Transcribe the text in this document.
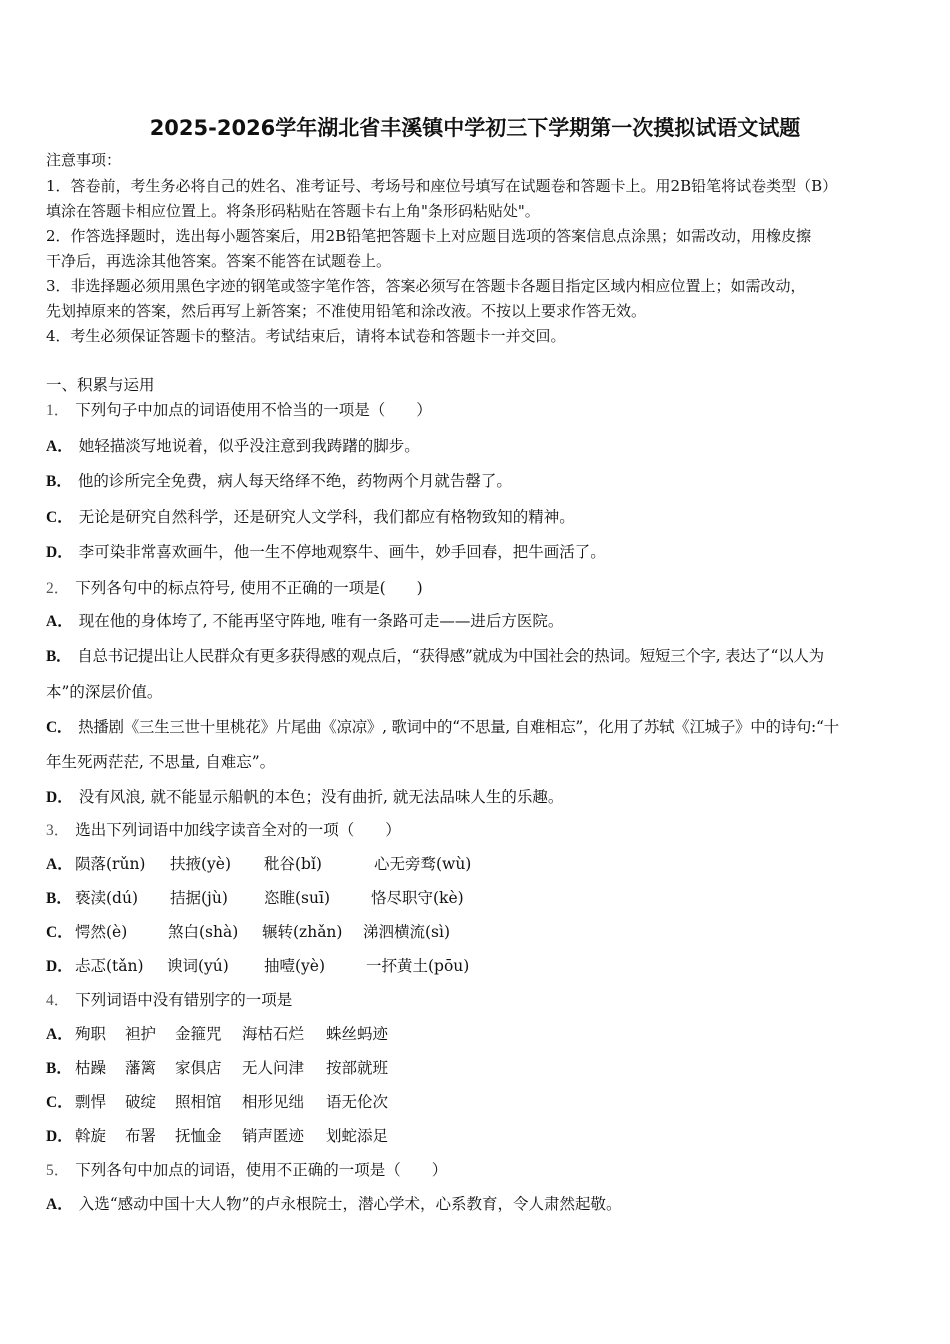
2025-2026学年湖北省丰溪镇中学初三下学期第一次摸拟试语文试题
注意事项：
1．答卷前，考生务必将自己的姓名、准考证号、考场号和座位号填写在试题卷和答题卡上。用2B铅笔将试卷类型（B）
填涂在答题卡相应位置上。将条形码粘贴在答题卡右上角"条形码粘贴处"。
2．作答选择题时，选出每小题答案后，用2B铅笔把答题卡上对应题目选项的答案信息点涂黑；如需改动，用橡皮擦
干净后，再选涂其他答案。答案不能答在试题卷上。
3．非选择题必须用黑色字迹的钢笔或签字笔作答，答案必须写在答题卡各题目指定区域内相应位置上；如需改动，
先划掉原来的答案，然后再写上新答案；不准使用铅笔和涂改液。不按以上要求作答无效。
4．考生必须保证答题卡的整洁。考试结束后，请将本试卷和答题卡一并交回。
一、积累与运用
1． 下列句子中加点的词语使用不恰当的一项是（　　）
A． 她轻描淡写地说着，似乎没注意到我踌躇的脚步。
B． 他的诊所完全免费，病人每天络绎不绝，药物两个月就告罄了。
C． 无论是研究自然科学，还是研究人文学科，我们都应有格物致知的精神。
D． 李可染非常喜欢画牛，他一生不停地观察牛、画牛，妙手回春，把牛画活了。
2． 下列各句中的标点符号, 使用不正确的一项是(　　)
A． 现在他的身体垮了, 不能再坚守阵地, 唯有一条路可走——进后方医院。
B． 自总书记提出让人民群众有更多获得感的观点后，“获得感”就成为中国社会的热词。短短三个字, 表达了“以人为
本”的深层价值。
C． 热播剧《三生三世十里桃花》片尾曲《凉凉》, 歌词中的“不思量, 自难相忘”，化用了苏轼《江城子》中的诗句:“十
年生死两茫茫, 不思量, 自难忘”。
D． 没有风浪, 就不能显示船帆的本色；没有曲折, 就无法品味人生的乐趣。
3． 选出下列词语中加线字读音全对的一项（　　）
A． 陨落(rǔn) 扶掖(yè) 秕谷(bǐ)	心无旁骛(wù)
B． 亵渎(dú) 拮据(jù) 恣睢(suī)	恪尽职守(kè)
C． 愕然(è)	煞白(shà) 辗转(zhǎn) 涕泗横流(sì)
D． 忐忑(tǎn) 谀词(yú) 抽噎(yè)	一抔黄土(pōu)
4． 下列词语中没有错别字的一项是
A． 殉职 袒护 金箍咒 海枯石烂 蛛丝蚂迹
B． 枯躁 藩篱 家俱店 无人问津 按部就班
C． 剽悍 破绽 照相馆 相形见绌 语无伦次
D． 斡旋 布署 抚恤金 销声匿迹 划蛇添足
5． 下列各句中加点的词语，使用不正确的一项是（　　）
A． 入选“感动中国十大人物”的卢永根院士，潜心学术，心系教育，令人肃然起敬。
